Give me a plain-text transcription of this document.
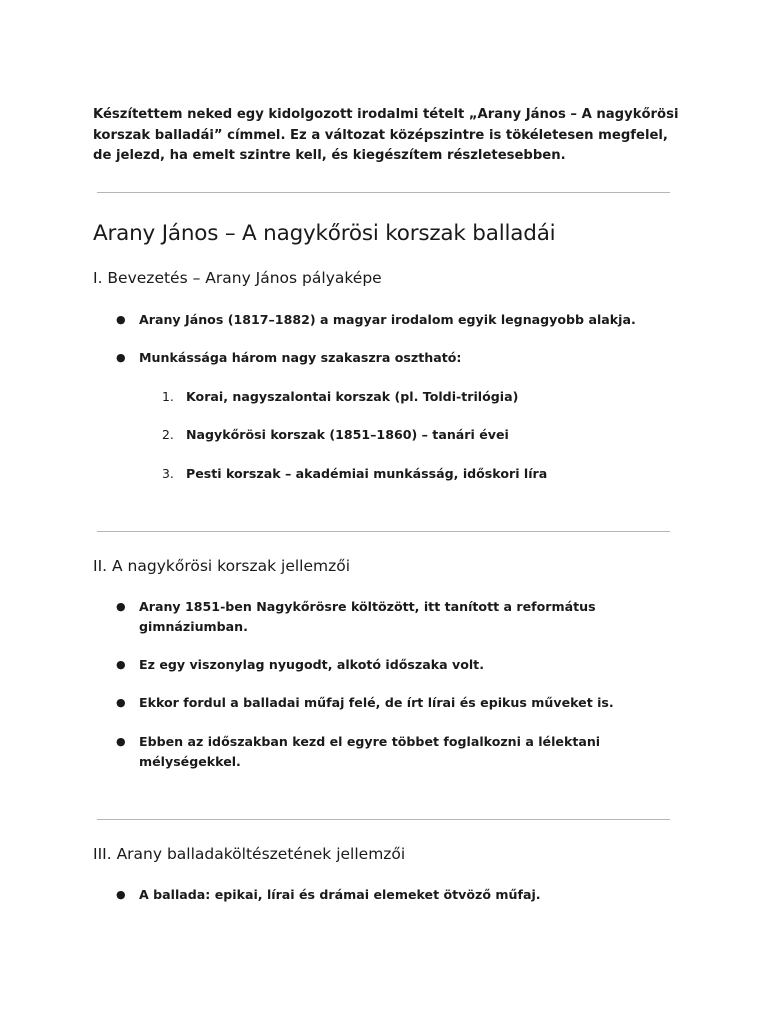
Készítettem neked egy kidolgozott irodalmi tételt „Arany János – A nagykőrösi korszak balladái” címmel. Ez a változat középszintre is tökéletesen megfelel, de jelezd, ha emelt szintre kell, és kiegészítem részletesebben.

Arany János – A nagykőrösi korszak balladái
I. Bevezetés – Arany János pályaképe
● Arany János (1817–1882) a magyar irodalom egyik legnagyobb alakja.
● Munkássága három nagy szakaszra osztható:
1. Korai, nagyszalontai korszak (pl. Toldi-trilógia)
2. Nagykőrösi korszak (1851–1860) – tanári évei
3. Pesti korszak – akadémiai munkásság, időskori líra
II. A nagykőrösi korszak jellemzői
● Arany 1851-ben Nagykőrösre költözött, itt tanított a református gimnáziumban.
● Ez egy viszonylag nyugodt, alkotó időszaka volt.
● Ekkor fordul a balladai műfaj felé, de írt lírai és epikus műveket is.
● Ebben az időszakban kezd el egyre többet foglalkozni a lélektani mélységekkel.
III. Arany balladaköltészetének jellemzői
● A ballada: epikai, lírai és drámai elemeket ötvöző műfaj.
